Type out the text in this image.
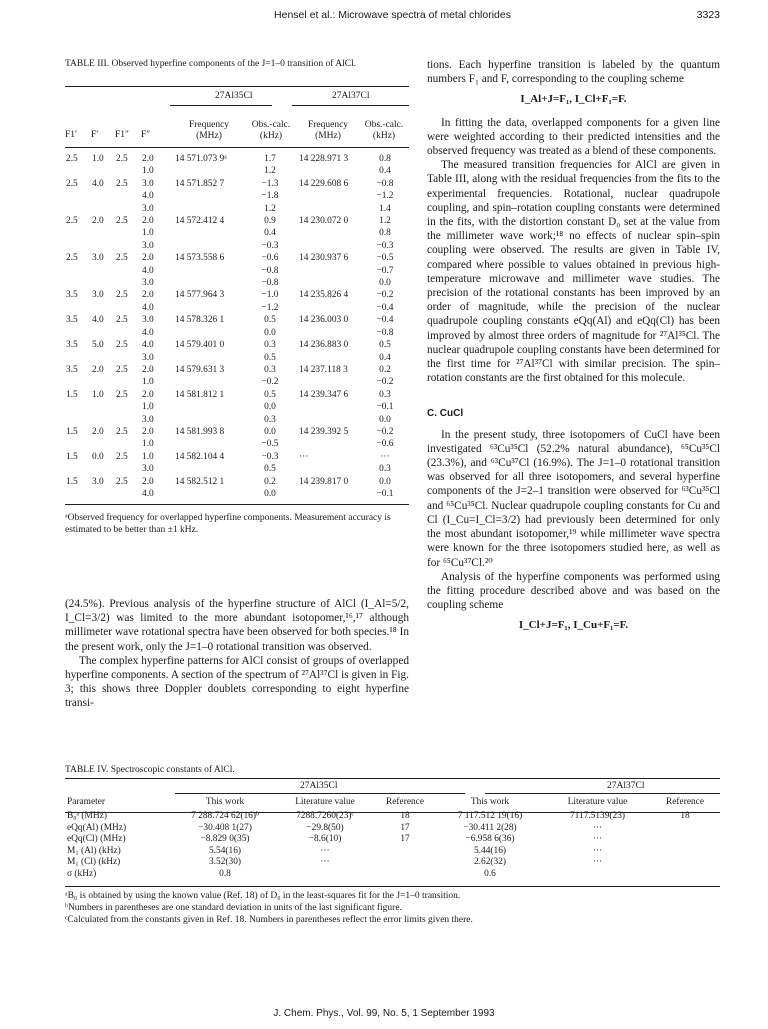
Hensel et al.: Microwave spectra of metal chlorides	3323
TABLE III. Observed hyperfine components of the J=1–0 transition of AlCl.
27Al35Cl	27Al37Cl
F1′ F′ F1″ F″
Frequency (MHz)
Obs.-calc. (kHz)
Frequency (MHz)
Obs.-calc. (kHz)
2.5	1.0	2.5	2.0	14 571.073 9ᵃ	1.7	14 228.971 3	0.8
			1.0		1.2		0.4
2.5	4.0	2.5	3.0	14 571.852 7	−1.3	14 229.608 6	−0.8
			4.0		−1.8		−1.2
			3.0		1.2		1.4
2.5	2.0	2.5	2.0	14 572.412 4	0.9	14 230.072 0	1.2
			1.0		0.4		0.8
			3.0		−0.3		−0.3
2.5	3.0	2.5	2.0	14 573.558 6	−0.6	14 230.937 6	−0.5
			4.0		−0.8		−0.7
			3.0		−0.8		0.0
3.5	3.0	2.5	2.0	14 577.964 3	−1.0	14 235.826 4	−0.2
			4.0		−1.2		−0.4
3.5	4.0	2.5	3.0	14 578.326 1	0.5	14 236.003 0	−0.4
			4.0		0.0		−0.8
3.5	5.0	2.5	4.0	14 579.401 0	0.3	14 236.883 0	0.5
			3.0		0.5		0.4
3.5	2.0	2.5	2.0	14 579.631 3	0.3	14 237.118 3	0.2
			1.0		−0.2		−0.2
1.5	1.0	2.5	2.0	14 581.812 1	0.5	14 239.347 6	0.3
			1.0		0.0		−0.1
			3.0		0.3		0.0
1.5	2.0	2.5	2.0	14 581.993 8	0.0	14 239.392 5	−0.2
			1.0		−0.5		−0.6
1.5	0.0	2.5	1.0	14 582.104 4	−0.3	···	···
			3.0		0.5		0.3
1.5	3.0	2.5	2.0	14 582.512 1	0.2	14 239.817 0	0.0
			4.0		0.0		−0.1
ᵃObserved frequency for overlapped hyperfine components. Measurement accuracy is estimated to be better than ±1 kHz.

(24.5%). Previous analysis of the hyperfine structure of AlCl (I_Al=5/2, I_Cl=3/2) was limited to the more abundant isotopomer,¹⁶,¹⁷ although millimeter wave rotational spectra have been observed for both species.¹⁸ In the present work, only the J=1–0 rotational transition was observed.

The complex hyperfine patterns for AlCl consist of groups of overlapped hyperfine components. A section of the spectrum of ²⁷Al³⁷Cl is given in Fig. 3; this shows three Doppler doublets corresponding to eight hyperfine transi-

tions. Each hyperfine transition is labeled by the quantum numbers F₁ and F, corresponding to the coupling scheme

I_Al+J=F₁, I_Cl+F₁=F.

In fitting the data, overlapped components for a given line were weighted according to their predicted intensities and the observed frequency was treated as a blend of these components.

The measured transition frequencies for AlCl are given in Table III, along with the residual frequencies from the fits to the experimental frequencies. Rotational, nuclear quadrupole coupling, and spin–rotation coupling constants were determined in the fits, with the distortion constant D₀ set at the value from the millimeter wave work;¹⁸ no effects of nuclear spin–spin coupling were observed. The results are given in Table IV, compared where possible to values obtained in previous high-temperature microwave and millimeter wave studies. The precision of the rotational constants has been improved by an order of magnitude, while the precision of the nuclear quadrupole coupling constants eQq(Al) and eQq(Cl) has been improved by almost three orders of magnitude for ²⁷Al³⁵Cl. The nuclear quadrupole coupling constants have been determined for the first time for ²⁷Al³⁷Cl with similar precision. The spin–rotation constants are the first obtained for this molecule.

C. CuCl

In the present study, three isotopomers of CuCl have been investigated ⁶³Cu³⁵Cl (52.2% natural abundance), ⁶⁵Cu³⁵Cl (23.3%), and ⁶³Cu³⁷Cl (16.9%). The J=1–0 rotational transition was observed for all three isotopomers, and several hyperfine components of the J=2–1 transition were observed for ⁶³Cu³⁵Cl and ⁶⁵Cu³⁵Cl. Nuclear quadrupole coupling constants for Cu and Cl (I_Cu=I_Cl=3/2) had previously been determined for only the most abundant isotopomer,¹⁹ while millimeter wave spectra were known for the three isotopomers studied here, as well as for ⁶⁵Cu³⁷Cl.²⁰

Analysis of the hyperfine components was performed using the fitting procedure described above and was based on the coupling scheme

I_Cl+J=F₁, I_Cu+F₁=F.
TABLE IV. Spectroscopic constants of AlCl.
27Al35Cl	27Al37Cl
Parameter	This work	Literature value	Reference	This work	Literature value	Reference
B₀ᵃ (MHz)	7 288.724 62(16)ᵇ	7288.7260(23)ᶜ	18	7 117.512 19(16)	7117.5139(23)	18
eQq(Al) (MHz)	−30.408 1(27)	−29.8(50)	17	−30.411 2(28)	···	
eQq(Cl) (MHz)	−8.829 0(35)	−8.6(10)	17	−6.958 6(36)	···	
M₁ (Al) (kHz)	5.54(16)	···		5.44(16)	···	
M₁ (Cl) (kHz)	3.52(30)	···		2.62(32)	···	
σ (kHz)	0.8			0.6		
ᵃB₀ is obtained by using the known value (Ref. 18) of D₀ in the least-squares fit for the J=1–0 transition.
ᵇNumbers in parentheses are one standard deviation in units of the last significant figure.
ᶜCalculated from the constants given in Ref. 18. Numbers in parentheses reflect the error limits given there.
J. Chem. Phys., Vol. 99, No. 5, 1 September 1993
